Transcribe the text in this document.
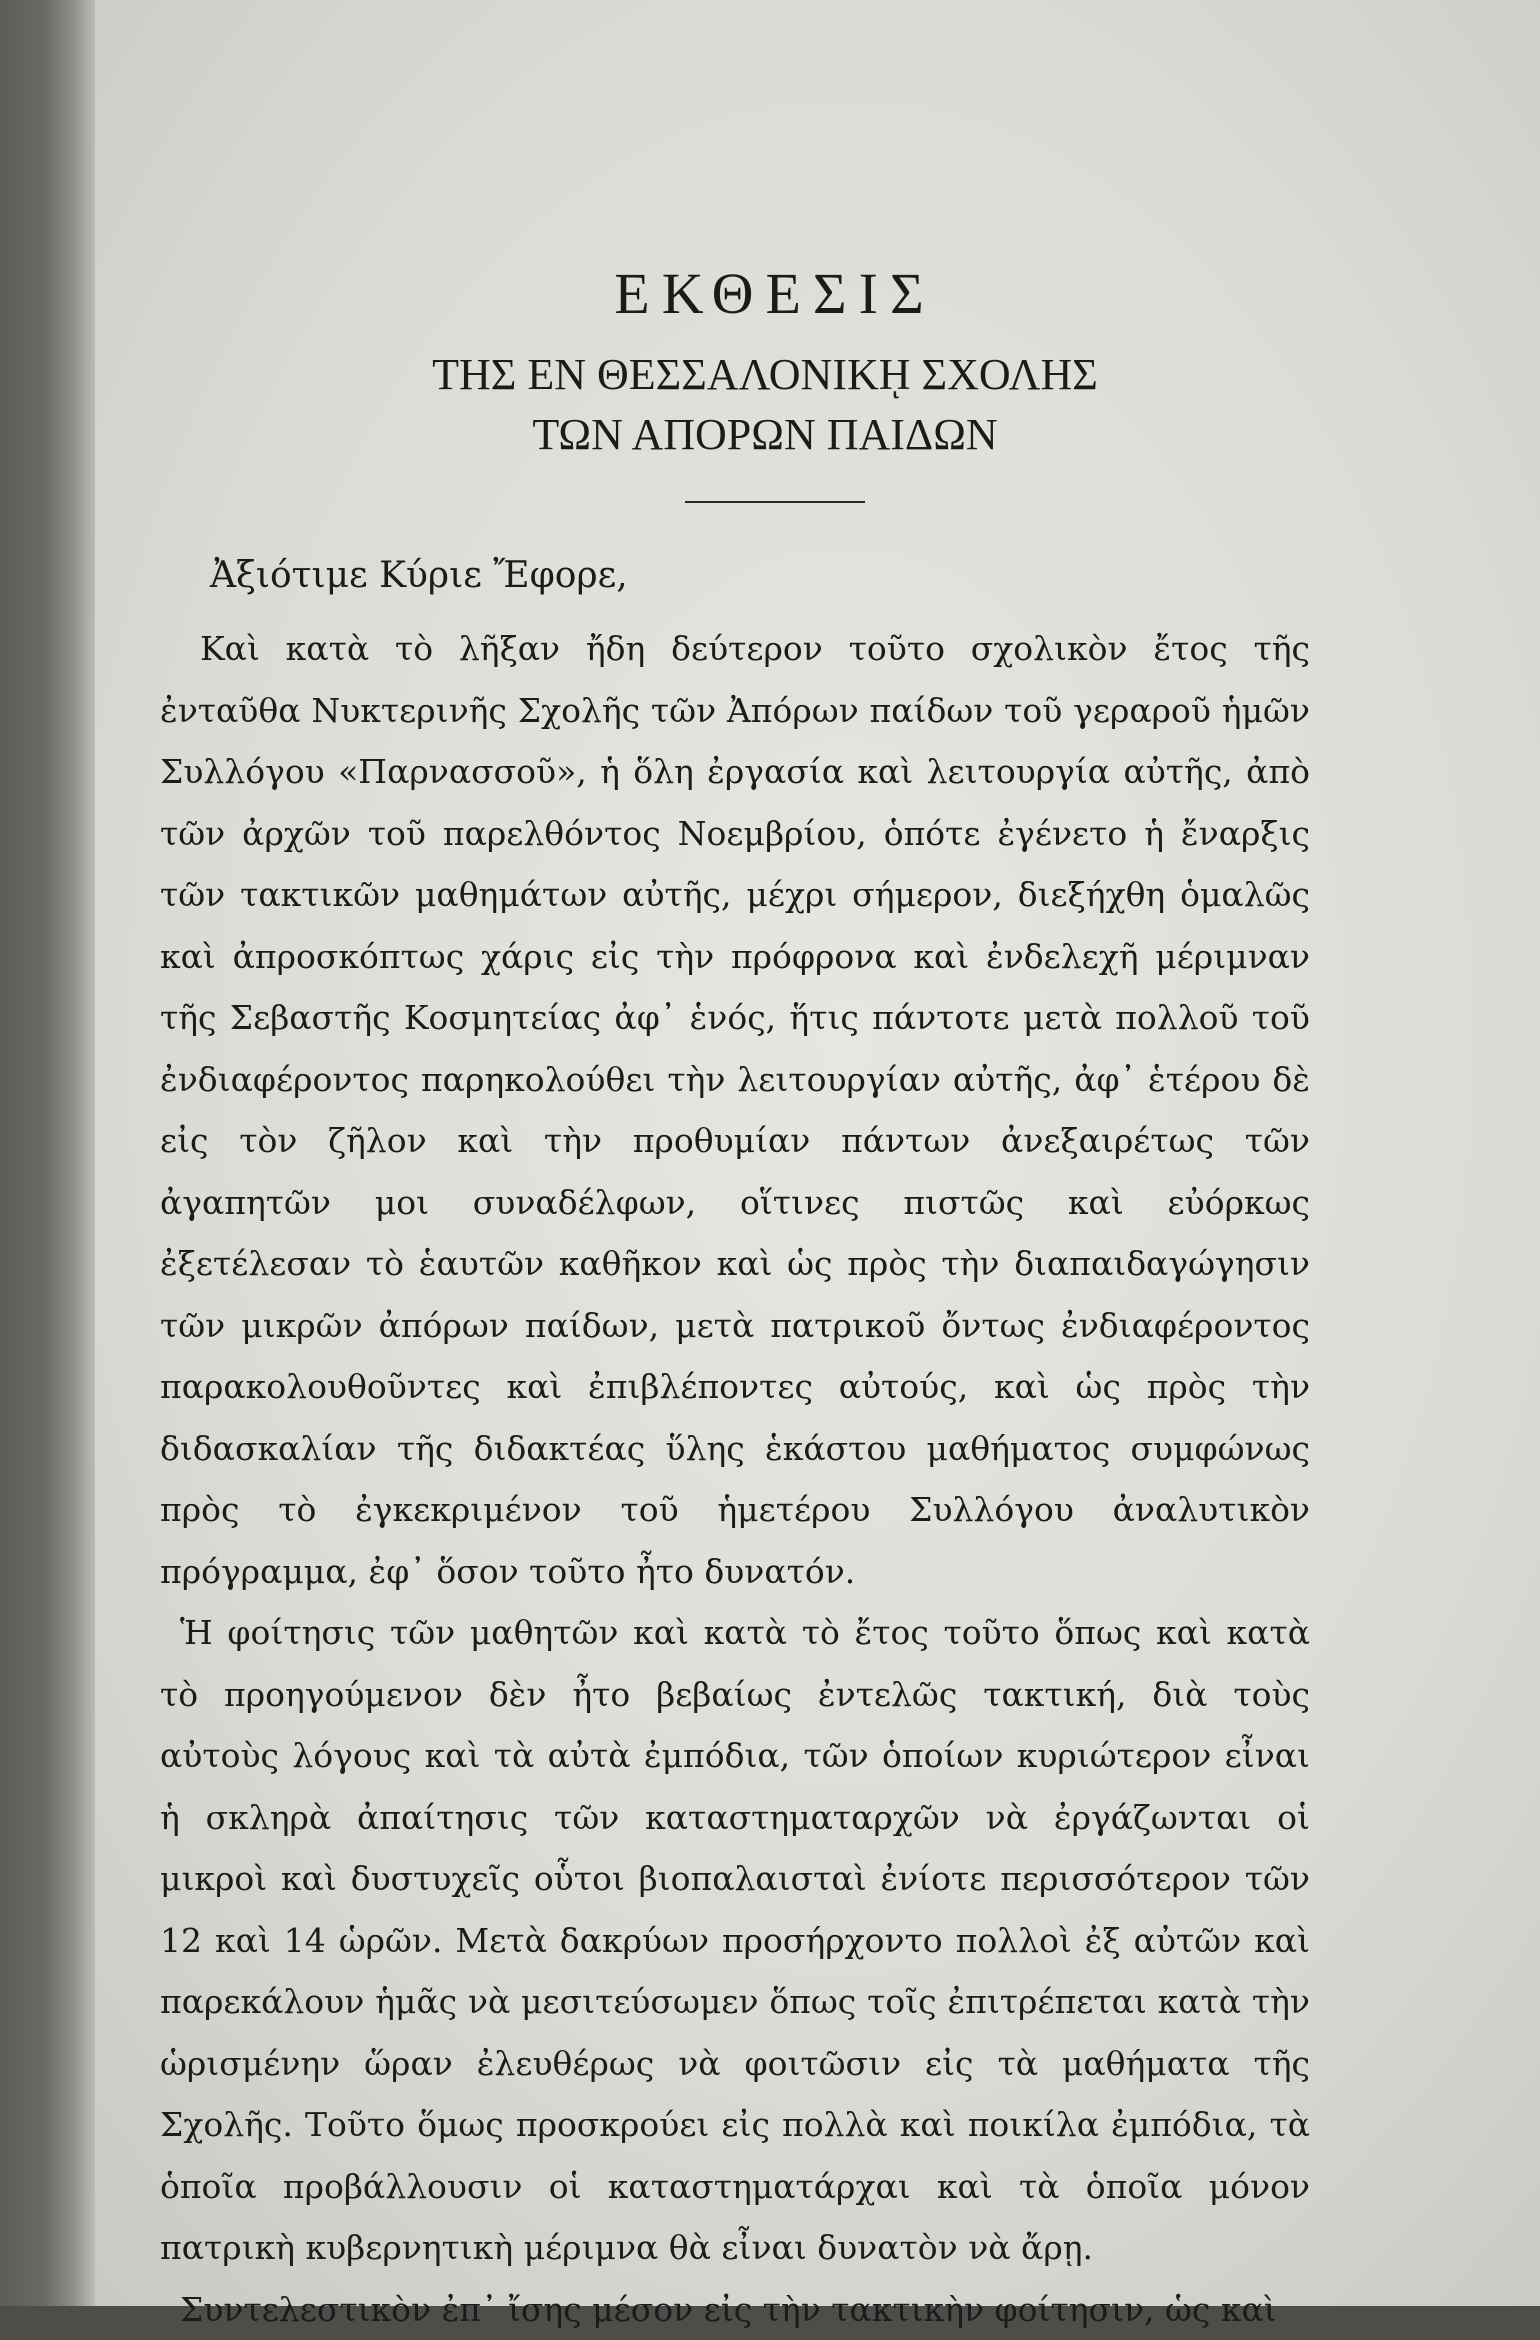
ΕΚΘΕΣΙΣ
ΤΗΣ ΕΝ ΘΕΣΣΑΛΟΝΙΚῌ ΣΧΟΛΗΣ
ΤΩΝ ΑΠΟΡΩΝ ΠΑΙΔΩΝ
Ἀξιότιμε Κύριε Ἔφορε,

Καὶ κατὰ τὸ λῆξαν ἤδη δεύτερον τοῦτο σχολικὸν ἔτος τῆς ἐνταῦθα Νυκτερινῆς Σχολῆς τῶν Ἀπόρων παίδων τοῦ γεραροῦ ἡμῶν Συλλόγου «Παρνασσοῦ», ἡ ὅλη ἐργασία καὶ λειτουργία αὐτῆς, ἀπὸ τῶν ἀρχῶν τοῦ παρελθόντος Νοεμβρίου, ὁπότε ἐγένετο ἡ ἔναρξις τῶν τακτικῶν μαθημάτων αὐτῆς, μέχρι σήμερον, διεξήχθη ὁμαλῶς καὶ ἀπροσκόπτως χάρις εἰς τὴν πρόφρονα καὶ ἐνδελεχῆ μέριμναν τῆς Σεβαστῆς Κοσμητείας ἀφ᾽ ἑνός, ἥτις πάντοτε μετὰ πολλοῦ τοῦ ἐνδιαφέροντος παρηκολούθει τὴν λειτουργίαν αὐτῆς, ἀφ᾽ ἑτέρου δὲ εἰς τὸν ζῆλον καὶ τὴν προθυμίαν πάντων ἀνεξαιρέτως τῶν ἀγαπητῶν μοι συναδέλφων, οἵτινες πιστῶς καὶ εὐόρκως ἐξετέλεσαν τὸ ἑαυτῶν καθῆκον καὶ ὡς πρὸς τὴν διαπαιδαγώγησιν τῶν μικρῶν ἀπόρων παίδων, μετὰ πατρικοῦ ὄντως ἐνδιαφέροντος παρακολουθοῦντες καὶ ἐπιβλέποντες αὐτούς, καὶ ὡς πρὸς τὴν διδασκαλίαν τῆς διδακτέας ὕλης ἑκάστου μαθήματος συμφώνως πρὸς τὸ ἐγκεκριμένον τοῦ ἡμετέρου Συλλόγου ἀναλυτικὸν πρόγραμμα, ἐφ᾽ ὅσον τοῦτο ἦτο δυνατόν.

Ἡ φοίτησις τῶν μαθητῶν καὶ κατὰ τὸ ἔτος τοῦτο ὅπως καὶ κατὰ τὸ προηγούμενον δὲν ἦτο βεβαίως ἐντελῶς τακτική, διὰ τοὺς αὐτοὺς λόγους καὶ τὰ αὐτὰ ἐμπόδια, τῶν ὁποίων κυριώτερον εἶναι ἡ σκληρὰ ἀπαίτησις τῶν καταστηματαρχῶν νὰ ἐργάζωνται οἱ μικροὶ καὶ δυστυχεῖς οὗτοι βιοπαλαισταὶ ἐνίοτε περισσότερον τῶν 12 καὶ 14 ὡρῶν. Μετὰ δακρύων προσήρχοντο πολλοὶ ἐξ αὐτῶν καὶ παρεκάλουν ἡμᾶς νὰ μεσιτεύσωμεν ὅπως τοῖς ἐπιτρέπεται κατὰ τὴν ὡρισμένην ὥραν ἐλευθέρως νὰ φοιτῶσιν εἰς τὰ μαθήματα τῆς Σχολῆς. Τοῦτο ὅμως προσκρούει εἰς πολλὰ καὶ ποικίλα ἐμπόδια, τὰ ὁποῖα προβάλλουσιν οἱ καταστηματάρχαι καὶ τὰ ὁποῖα μόνον πατρικὴ κυβερνητικὴ μέριμνα θὰ εἶναι δυνατὸν νὰ ἄρῃ.

Συντελεστικὸν ἐπ᾽ ἴσης μέσον εἰς τὴν τακτικὴν φοίτησιν, ὡς καὶ
